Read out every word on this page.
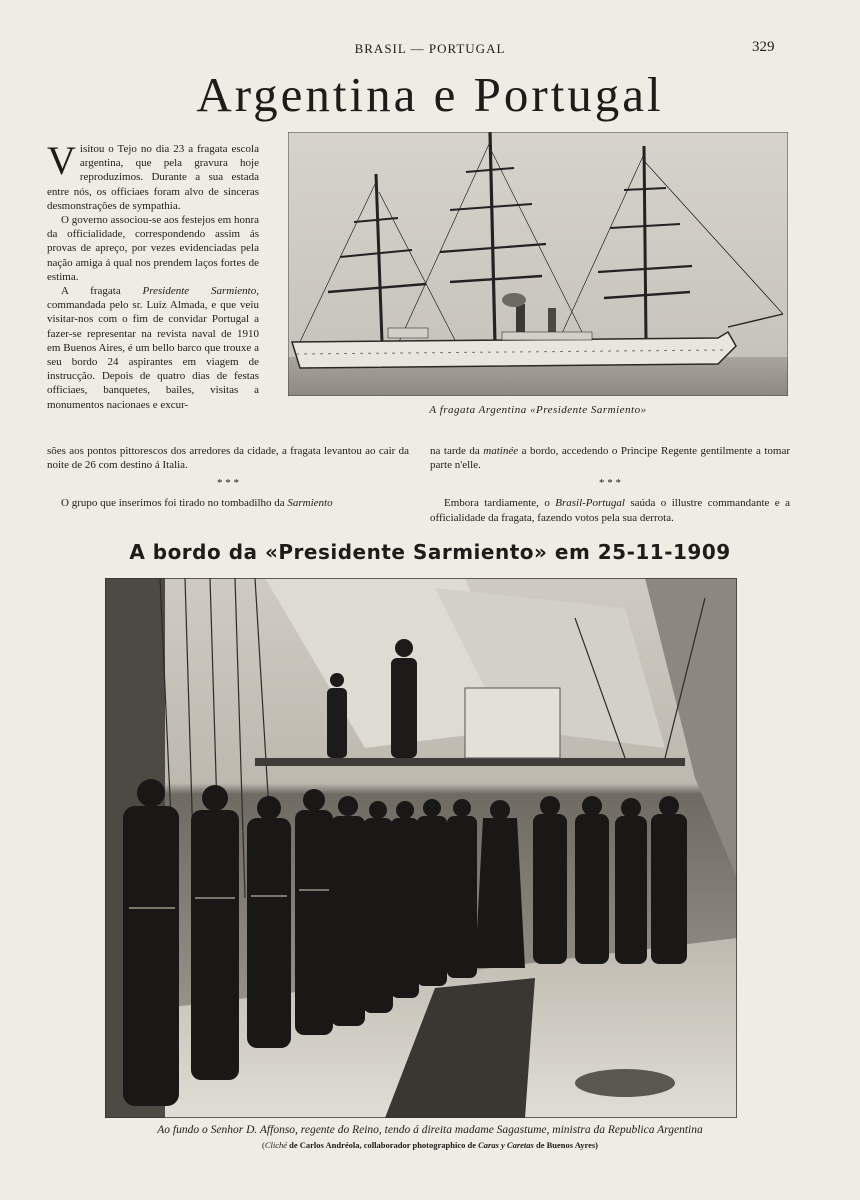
BRASIL — PORTUGAL	329
Argentina e Portugal

Visitou o Tejo no dia 23 a fragata escola argentina, que pela gravura hoje reproduzimos. Durante a sua estada entre nós, os officiaes foram alvo de sinceras desmonstrações de sympathia.

O governo associou-se aos festejos em honra da officialidade, correspondendo assim ás provas de apreço, por vezes evidenciadas pela nação amiga á qual nos prendem laços fortes de estima.

A fragata Presidente Sarmiento, commandada pelo sr. Luiz Almada, e que veiu visitar-nos com o fim de convidar Portugal a fazer-se representar na revista naval de 1910 em Buenos Aires, é um bello barco que trouxe a seu bordo 24 aspirantes em viagem de instrucção. Depois de quatro dias de festas officiaes, banquetes, bailes, visitas a monumentos nacionaes e excur-	A fragata Argentina «Presidente Sarmiento»

sões aos pontos pittorescos dos arredores da cidade, a fragata levantou ao cair da noite de 26 com destino á Italia.

* * *

O grupo que inserimos foi tirado no tombadilho da Sarmiento

na tarde da matinée a bordo, accedendo o Principe Regente gentilmente a tomar parte n'elle.

* * *

Embora tardiamente, o Brasil-Portugal saúda o illustre commandante e a officialidade da fragata, fazendo votos pela sua derrota.

A bordo da «Presidente Sarmiento» em 25-11-1909
Ao fundo o Senhor D. Affonso, regente do Reino, tendo á direita madame Sagastume, ministra da Republica Argentina
(Cliché de Carlos Andréola, collaborador photographico de Caras y Caretas de Buenos Ayres)
